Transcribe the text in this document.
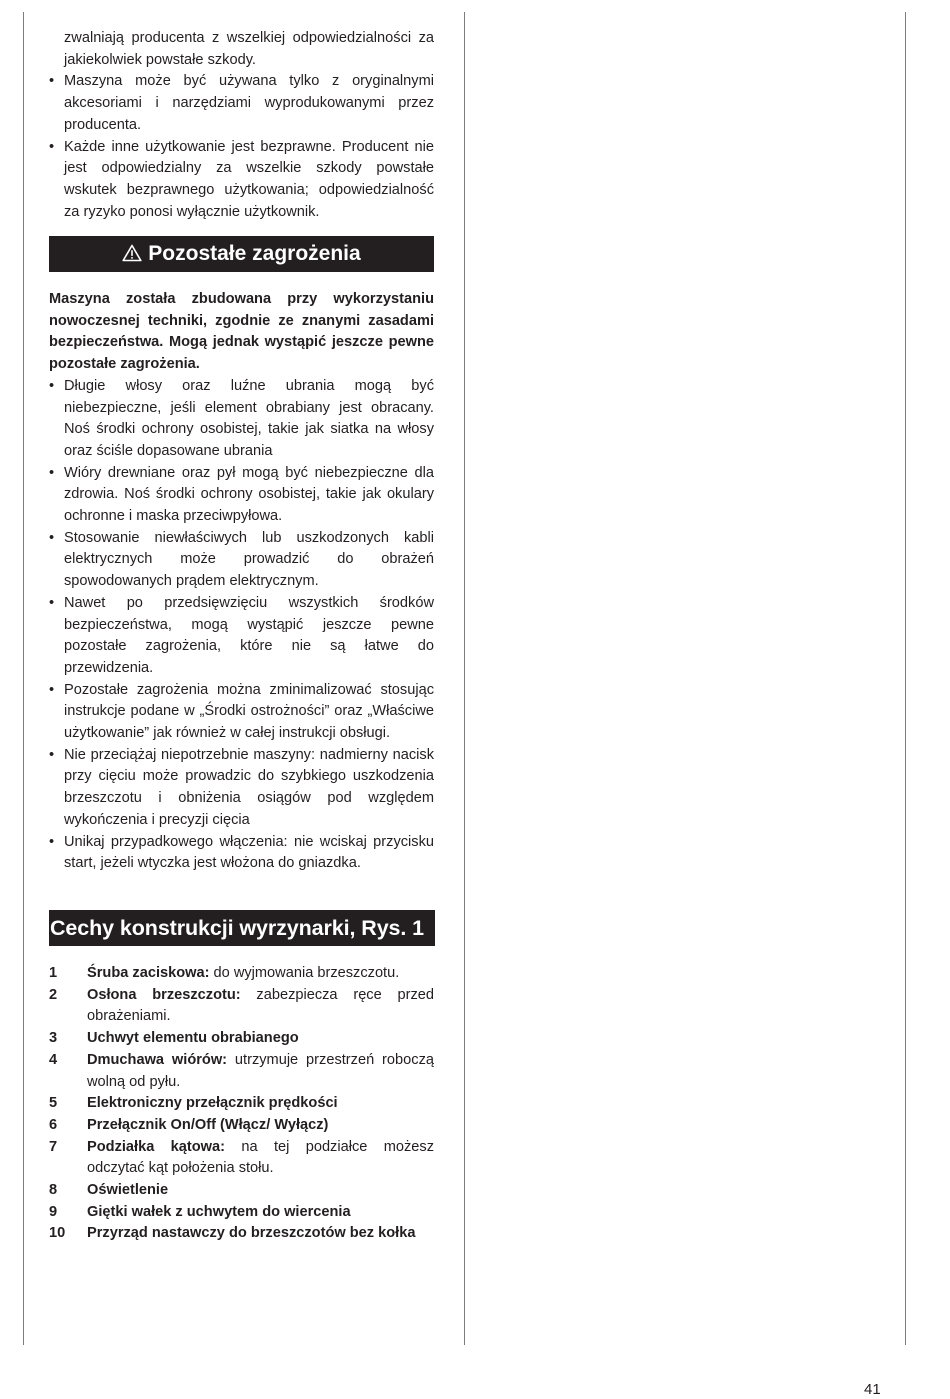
zwalniają producenta z wszelkiej odpowiedzialności za jakiekolwiek powstałe szkody.
• Maszyna może być używana tylko z oryginalnymi akcesoriami i narzędziami wyprodukowanymi przez producenta.
• Każde inne użytkowanie jest bezprawne. Producent nie jest odpowiedzialny za wszelkie szkody powstałe wskutek bezprawnego użytkowania; odpowiedzialność za ryzyko ponosi wyłącznie użytkownik.
Pozostałe zagrożenia
Maszyna została zbudowana przy wykorzystaniu nowoczesnej techniki, zgodnie ze znanymi zasadami bezpieczeństwa. Mogą jednak wystąpić jeszcze pewne pozostałe zagrożenia.
• Długie włosy oraz luźne ubrania mogą być niebezpieczne, jeśli element obrabiany jest obracany. Noś środki ochrony osobistej, takie jak siatka na włosy oraz ściśle dopasowane ubrania
• Wióry drewniane oraz pył mogą być niebezpieczne dla zdrowia. Noś środki ochrony osobistej, takie jak okulary ochronne i maska przeciwpyłowa.
• Stosowanie niewłaściwych lub uszkodzonych kabli elektrycznych może prowadzić do obrażeń spowodowanych prądem elektrycznym.
• Nawet po przedsięwzięciu wszystkich środków bezpieczeństwa, mogą wystąpić jeszcze pewne pozostałe zagrożenia, które nie są łatwe do przewidzenia.
• Pozostałe zagrożenia można zminimalizować stosując instrukcje podane w „Środki ostrożności” oraz „Właściwe użytkowanie” jak również w całej instrukcji obsługi.
• Nie przeciążaj niepotrzebnie maszyny: nadmierny nacisk przy cięciu może prowadzic do szybkiego uszkodzenia brzeszczotu i obniżenia osiągów pod względem wykończenia i precyzji cięcia
• Unikaj przypadkowego włączenia: nie wciskaj przycisku start, jeżeli wtyczka jest włożona do gniazdka.
Cechy konstrukcji wyrzynarki, Rys. 1
1 Śruba zaciskowa: do wyjmowania brzeszczotu.
2 Osłona brzeszczotu: zabezpiecza ręce przed obrażeniami.
3 Uchwyt elementu obrabianego
4 Dmuchawa wiórów: utrzymuje przestrzeń roboczą wolną od pyłu.
5 Elektroniczny przełącznik prędkości
6 Przełącznik On/Off (Włącz/ Wyłącz)
7 Podziałka kątowa: na tej podziałce możesz odczytać kąt położenia stołu.
8 Oświetlenie
9 Giętki wałek z uchwytem do wiercenia
10 Przyrząd nastawczy do brzeszczotów bez kołka
41
